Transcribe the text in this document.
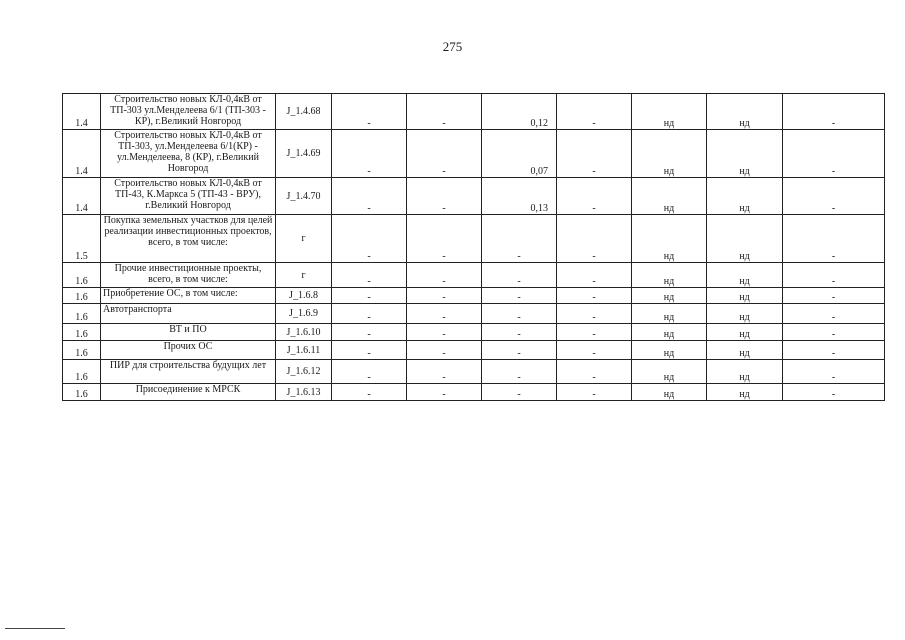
275
1.4	Строительство новых КЛ-0,4кВ от ТП-303 ул.Менделеева 6/1 (ТП-303 - КР), г.Великий Новгород	J_1.4.68	-	-	0,12	-	нд	нд	-
1.4	Строительство новых КЛ-0,4кВ от ТП-303, ул.Менделеева 6/1(КР) - ул.Менделеева, 8 (КР), г.Великий Новгород	J_1.4.69	-	-	0,07	-	нд	нд	-
1.4	Строительство новых КЛ-0,4кВ от ТП-43, К.Маркса 5 (ТП-43 - ВРУ), г.Великий Новгород	J_1.4.70	-	-	0,13	-	нд	нд	-
1.5	Покупка земельных участков для целей реализации инвестиционных проектов, всего, в том числе:	г	-	-	-	-	нд	нд	-
1.6	Прочие инвестиционные проекты, всего, в том числе:	г	-	-	-	-	нд	нд	-
1.6	Приобретение ОС, в том числе:	J_1.6.8	-	-	-	-	нд	нд	-
1.6	Автотранспорта	J_1.6.9	-	-	-	-	нд	нд	-
1.6	ВТ и ПО	J_1.6.10	-	-	-	-	нд	нд	-
1.6	Прочих ОС	J_1.6.11	-	-	-	-	нд	нд	-
1.6	ПИР для строительства будущих лет	J_1.6.12	-	-	-	-	нд	нд	-
1.6	Присоединение к МРСК	J_1.6.13	-	-	-	-	нд	нд	-
